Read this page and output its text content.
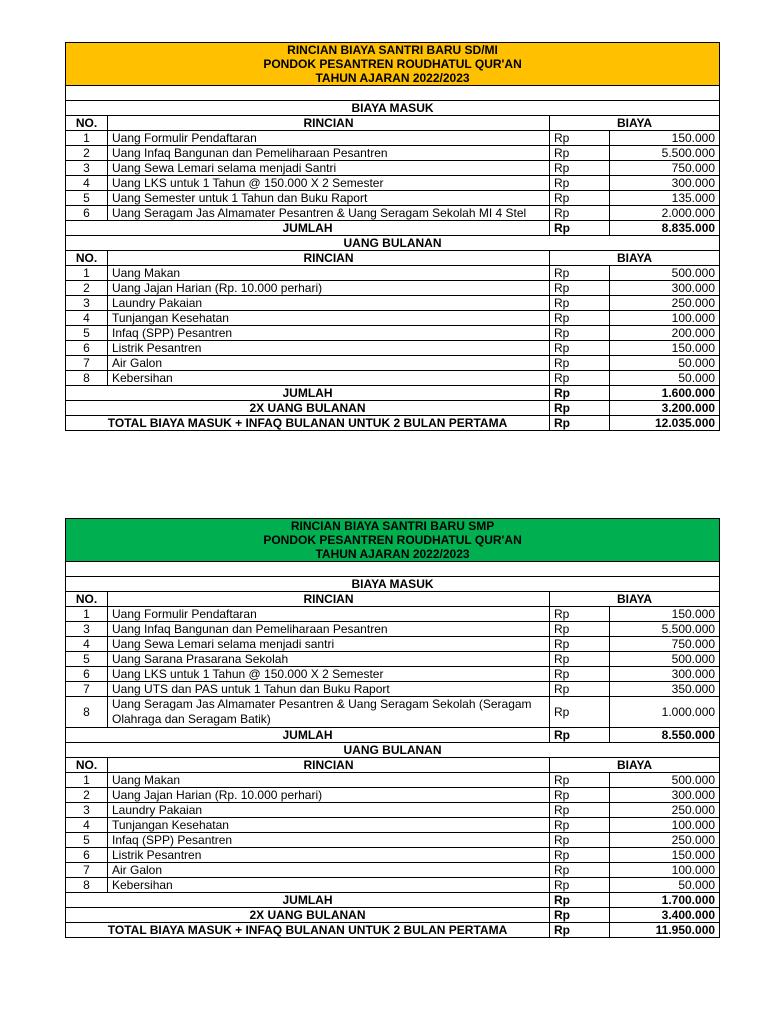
RINCIAN BIAYA SANTRI BARU SD/MI
PONDOK PESANTREN ROUDHATUL QUR'AN
TAHUN AJARAN 2022/2023			

BIAYA MASUK			
NO.	RINCIAN	BIAYA	
1	Uang Formulir Pendaftaran	Rp	150.000
2	Uang Infaq Bangunan dan Pemeliharaan Pesantren	Rp	5.500.000
3	Uang Sewa Lemari selama menjadi Santri	Rp	750.000
4	Uang LKS untuk 1 Tahun @ 150.000 X 2 Semester	Rp	300.000
5	Uang Semester untuk 1 Tahun dan Buku Raport	Rp	135.000
6	Uang Seragam Jas Almamater Pesantren & Uang Seragam Sekolah MI 4 Stel	Rp	2.000.000
JUMLAH		Rp	8.835.000
UANG BULANAN			
NO.	RINCIAN	BIAYA	
1	Uang Makan	Rp	500.000
2	Uang Jajan Harian (Rp. 10.000 perhari)	Rp	300.000
3	Laundry Pakaian	Rp	250.000
4	Tunjangan Kesehatan	Rp	100.000
5	Infaq (SPP) Pesantren	Rp	200.000
6	Listrik Pesantren	Rp	150.000
7	Air Galon	Rp	50.000
8	Kebersihan	Rp	50.000
JUMLAH		Rp	1.600.000
2X UANG BULANAN		Rp	3.200.000
TOTAL BIAYA MASUK + INFAQ BULANAN UNTUK 2 BULAN PERTAMA		Rp	12.035.000
RINCIAN BIAYA SANTRI BARU SMP
PONDOK PESANTREN ROUDHATUL QUR'AN
TAHUN AJARAN 2022/2023			

BIAYA MASUK			
NO.	RINCIAN	BIAYA	
1	Uang Formulir Pendaftaran	Rp	150.000
3	Uang Infaq Bangunan dan Pemeliharaan Pesantren	Rp	5.500.000
4	Uang Sewa Lemari selama menjadi santri	Rp	750.000
5	Uang Sarana Prasarana Sekolah	Rp	500.000
6	Uang LKS untuk 1 Tahun @ 150.000 X 2 Semester	Rp	300.000
7	Uang UTS dan PAS untuk 1 Tahun dan Buku Raport	Rp	350.000
8	Uang Seragam Jas Almamater Pesantren & Uang Seragam Sekolah (Seragam Olahraga dan Seragam Batik)	Rp	1.000.000
JUMLAH		Rp	8.550.000
UANG BULANAN			
NO.	RINCIAN	BIAYA	
1	Uang Makan	Rp	500.000
2	Uang Jajan Harian (Rp. 10.000 perhari)	Rp	300.000
3	Laundry Pakaian	Rp	250.000
4	Tunjangan Kesehatan	Rp	100.000
5	Infaq (SPP) Pesantren	Rp	250.000
6	Listrik Pesantren	Rp	150.000
7	Air Galon	Rp	100.000
8	Kebersihan	Rp	50.000
JUMLAH		Rp	1.700.000
2X UANG BULANAN		Rp	3.400.000
TOTAL BIAYA MASUK + INFAQ BULANAN UNTUK 2 BULAN PERTAMA		Rp	11.950.000
